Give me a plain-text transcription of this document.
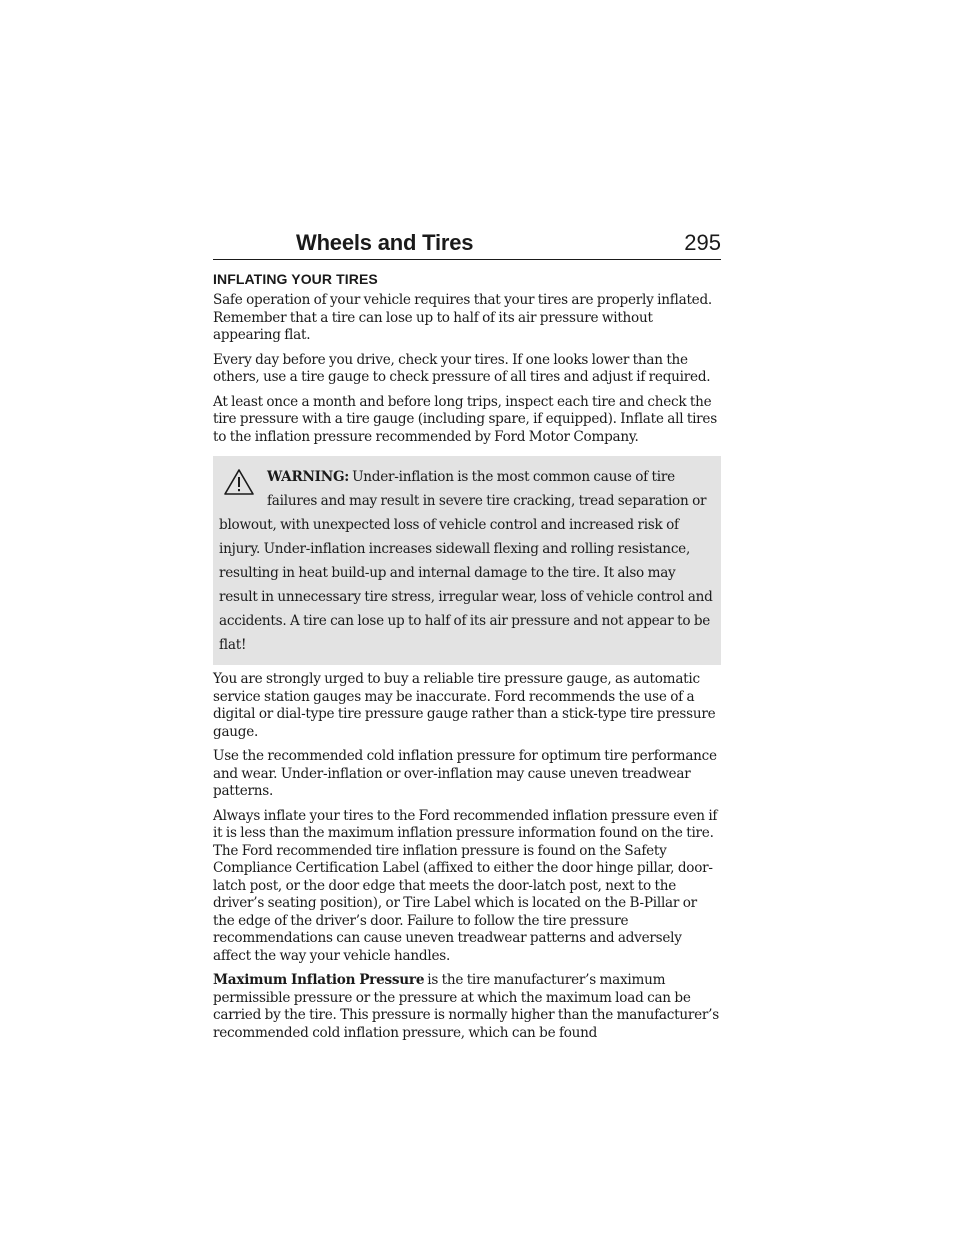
Wheels and Tires	295
INFLATING YOUR TIRES

Safe operation of your vehicle requires that your tires are properly inflated. Remember that a tire can lose up to half of its air pressure without appearing flat.

Every day before you drive, check your tires. If one looks lower than the others, use a tire gauge to check pressure of all tires and adjust if required.

At least once a month and before long trips, inspect each tire and check the tire pressure with a tire gauge (including spare, if equipped). Inflate all tires to the inflation pressure recommended by Ford Motor Company.

WARNING: Under-inflation is the most common cause of tire failures and may result in severe tire cracking, tread separation or blowout, with unexpected loss of vehicle control and increased risk of injury. Under-inflation increases sidewall flexing and rolling resistance, resulting in heat build-up and internal damage to the tire. It also may result in unnecessary tire stress, irregular wear, loss of vehicle control and accidents. A tire can lose up to half of its air pressure and not appear to be flat!

You are strongly urged to buy a reliable tire pressure gauge, as automatic service station gauges may be inaccurate. Ford recommends the use of a digital or dial-type tire pressure gauge rather than a stick-type tire pressure gauge.

Use the recommended cold inflation pressure for optimum tire performance and wear. Under-inflation or over-inflation may cause uneven treadwear patterns.

Always inflate your tires to the Ford recommended inflation pressure even if it is less than the maximum inflation pressure information found on the tire. The Ford recommended tire inflation pressure is found on the Safety Compliance Certification Label (affixed to either the door hinge pillar, door-latch post, or the door edge that meets the door-latch post, next to the driver’s seating position), or Tire Label which is located on the B-Pillar or the edge of the driver’s door. Failure to follow the tire pressure recommendations can cause uneven treadwear patterns and adversely affect the way your vehicle handles.

Maximum Inflation Pressure is the tire manufacturer’s maximum permissible pressure or the pressure at which the maximum load can be carried by the tire. This pressure is normally higher than the manufacturer’s recommended cold inflation pressure, which can be found
